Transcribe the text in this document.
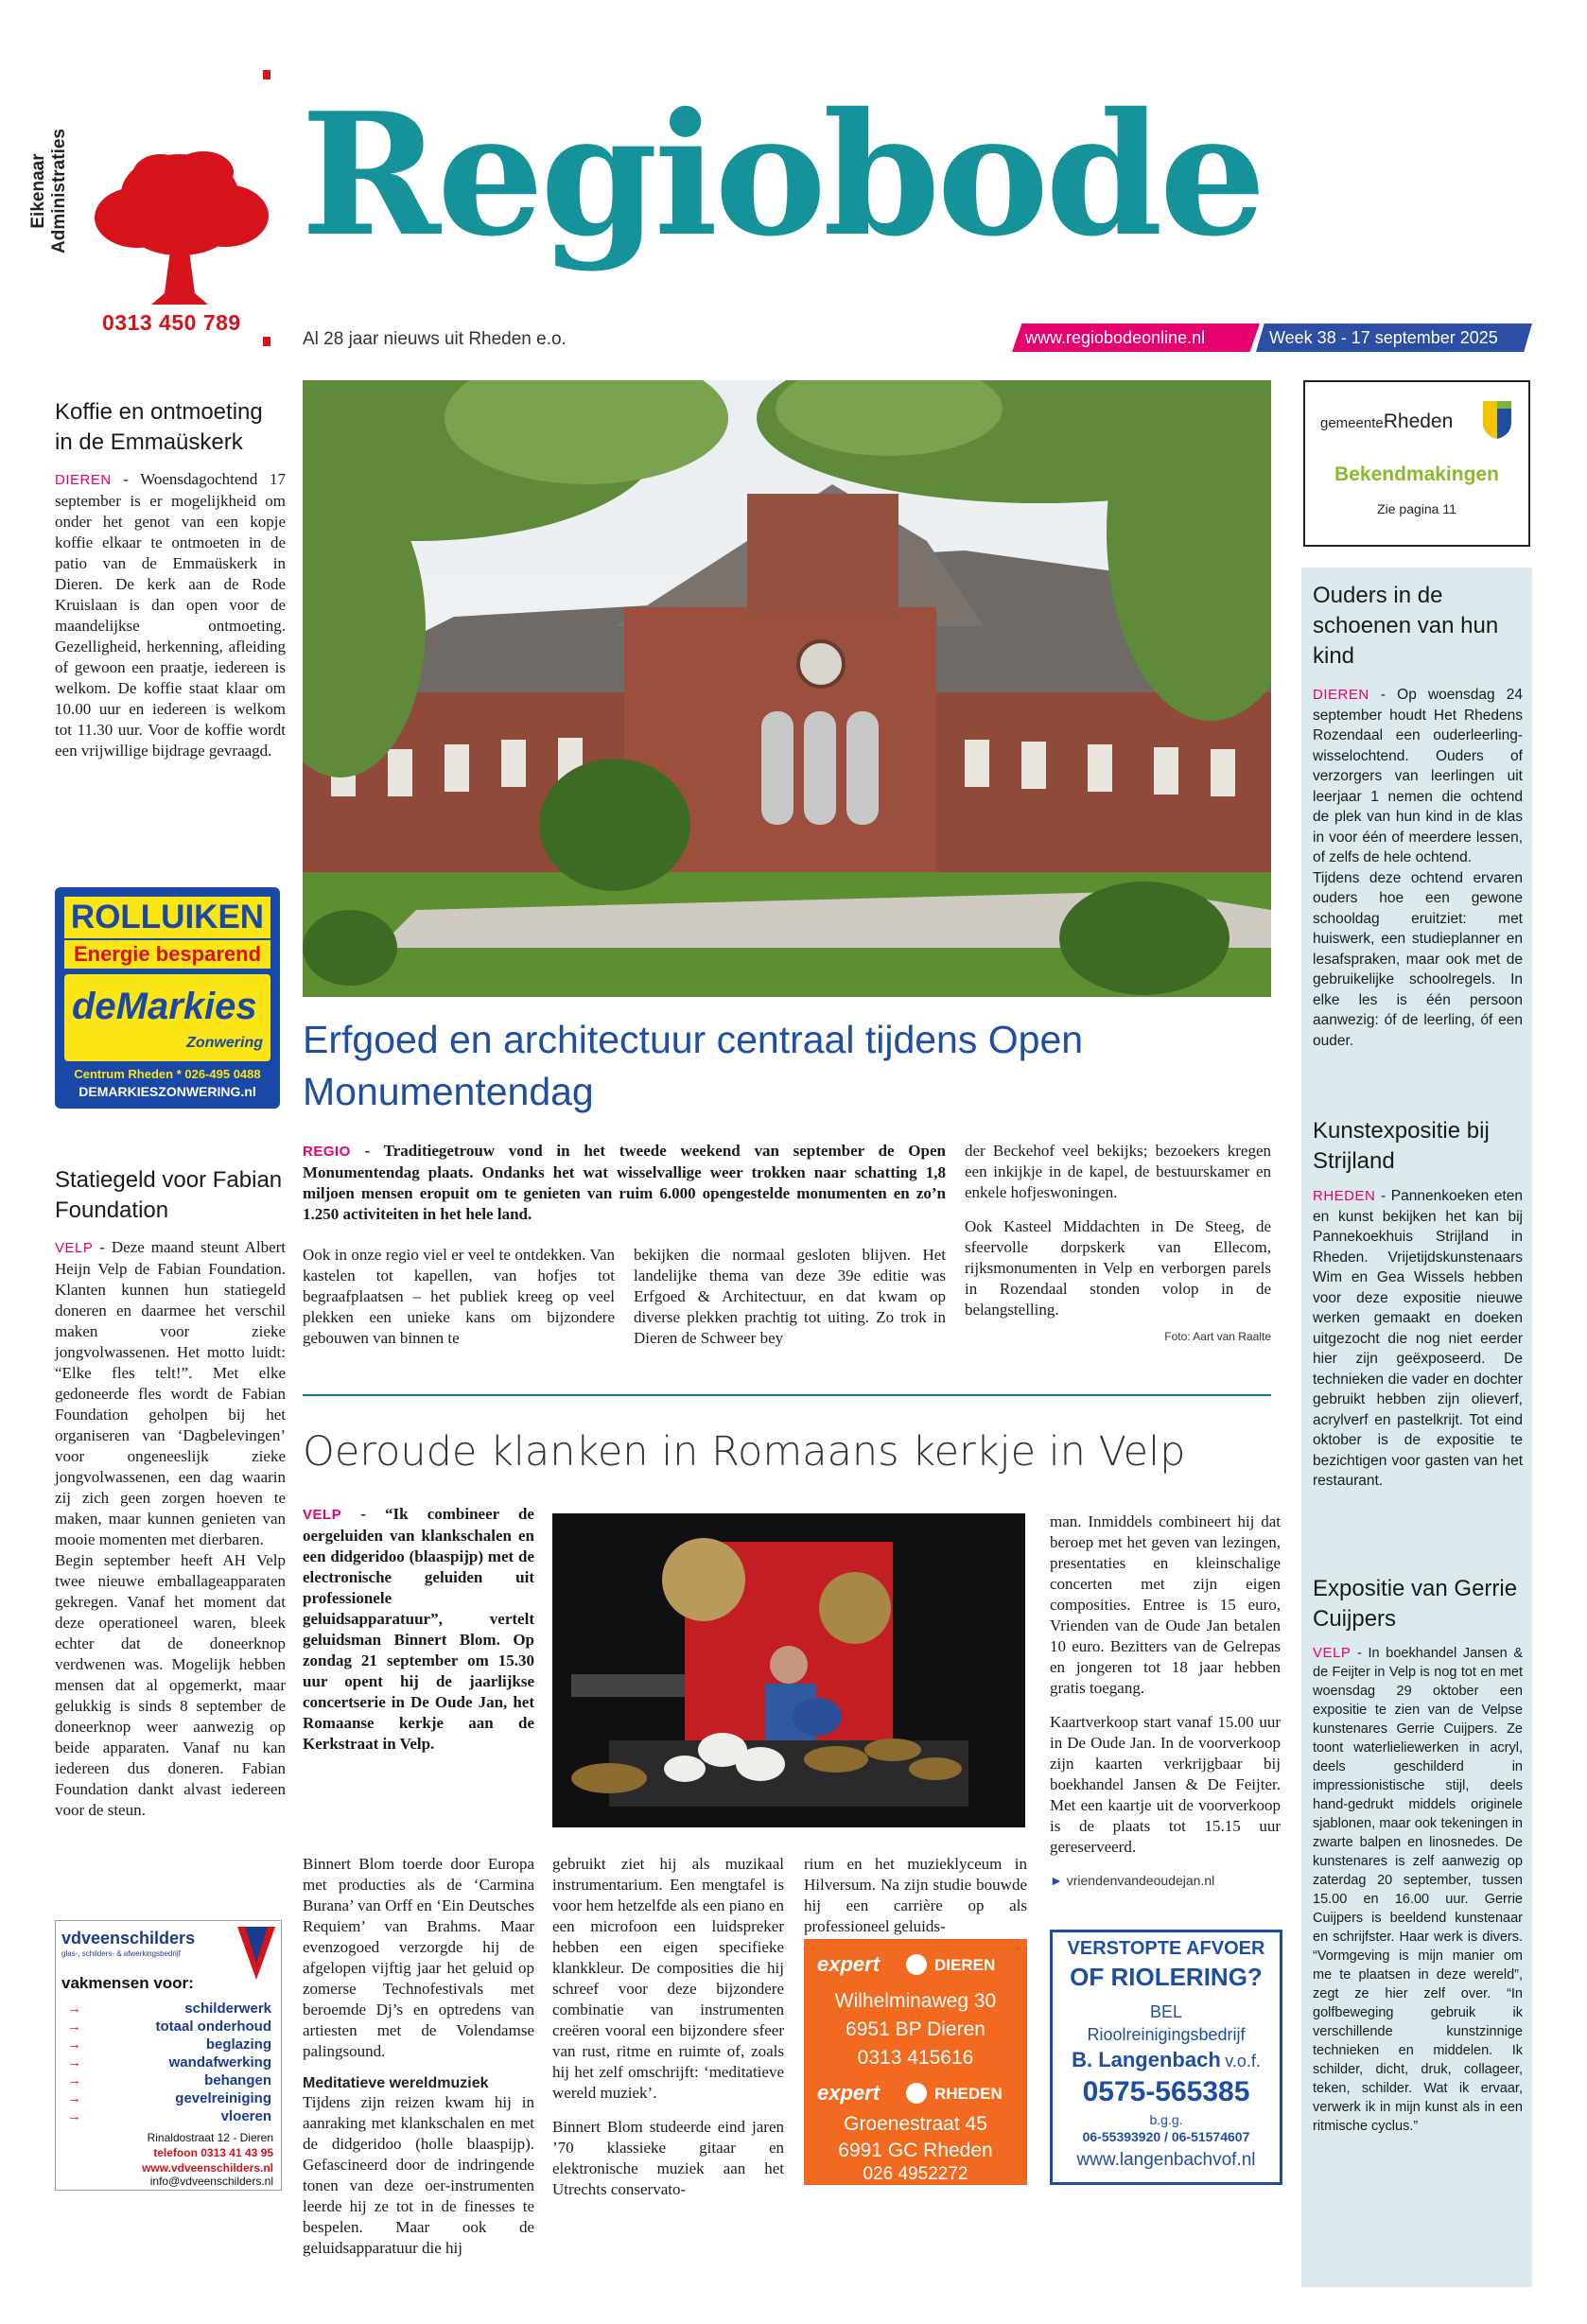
Eikenaar Administraties
0313 450 789
Regiobode
Al 28 jaar nieuws uit Rheden e.o.	www.regiobodeonline.nl	Week 38 - 17 september 2025
Koffie en ontmoeting in de Emmaüskerk
DIEREN - Woensdagochtend 17 september is er mogelijkheid om onder het genot van een kopje koffie elkaar te ontmoeten in de patio van de Emmaüskerk in Dieren. De kerk aan de Rode Kruislaan is dan open voor de maandelijkse ontmoeting. Gezelligheid, herkenning, afleiding of gewoon een praatje, iedereen is welkom. De koffie staat klaar om 10.00 uur en iedereen is welkom tot 11.30 uur. Voor de koffie wordt een vrijwillige bijdrage gevraagd.
ROLLUIKEN
Energie besparend
deMarkies
Zonwering
Centrum Rheden * 026-495 0488
DEMARKIESZONWERING.nl
Statiegeld voor Fabian Foundation
VELP - Deze maand steunt Albert Heijn Velp de Fabian Foundation. Klanten kunnen hun statiegeld doneren en daarmee het verschil maken voor zieke jongvolwassenen. Het motto luidt: “Elke fles telt!”. Met elke gedoneerde fles wordt de Fabian Foundation geholpen bij het organiseren van ‘Dagbelevingen’ voor ongeneeslijk zieke jongvolwassenen, een dag waarin zij zich geen zorgen hoeven te maken, maar kunnen genieten van mooie momenten met dierbaren.
Begin september heeft AH Velp twee nieuwe emballageapparaten gekregen. Vanaf het moment dat deze operationeel waren, bleek echter dat de doneerknop verdwenen was. Mogelijk hebben mensen dat al opgemerkt, maar gelukkig is sinds 8 september de doneerknop weer aanwezig op beide apparaten. Vanaf nu kan iedereen dus doneren. Fabian Foundation dankt alvast iedereen voor de steun.
vdveenschilders
glas-, schilders- & afwerkingsbedrijf
vakmensen voor:
→	schilderwerk
→	totaal onderhoud
→	beglazing
→	wandafwerking
→	behangen
→	gevelreiniging
→	vloeren
Rinaldostraat 12 - Dieren
telefoon 0313 41 43 95
www.vdveenschilders.nl
info@vdveenschilders.nl
Erfgoed en architectuur centraal tijdens Open Monumentendag
REGIO - Traditiegetrouw vond in het tweede weekend van september de Open Monumentendag plaats. Ondanks het wat wisselvallige weer trokken naar schatting 1,8 miljoen mensen eropuit om te genieten van ruim 6.000 opengestelde monumenten en zo’n 1.250 activiteiten in het hele land.
Ook in onze regio viel er veel te ontdekken. Van kastelen tot kapellen, van hofjes tot begraafplaatsen – het publiek kreeg op veel plekken een unieke kans om bijzondere gebouwen van binnen te
bekijken die normaal gesloten blijven. Het landelijke thema van deze 39e editie was Erfgoed & Architectuur, en dat kwam op diverse plekken prachtig tot uiting. Zo trok in Dieren de Schweer bey
der Beckehof veel bekijks; bezoekers kregen een inkijkje in de kapel, de bestuurskamer en enkele hofjeswoningen.
Ook Kasteel Middachten in De Steeg, de sfeervolle dorpskerk van Ellecom, rijksmonumenten in Velp en verborgen parels in Rozendaal stonden volop in de belangstelling.
Foto: Aart van Raalte
Oeroude klanken in Romaans kerkje in Velp
VELP - “Ik combineer de oergeluiden van klankschalen en een didgeridoo (blaaspijp) met de electronische geluiden uit professionele geluidsapparatuur”, vertelt geluidsman Binnert Blom. Op zondag 21 september om 15.30 uur opent hij de jaarlijkse concertserie in De Oude Jan, het Romaanse kerkje aan de Kerkstraat in Velp.
Binnert Blom toerde door Europa met producties als de ‘Carmina Burana’ van Orff en ‘Ein Deutsches Requiem’ van Brahms. Maar evenzogoed verzorgde hij de afgelopen vijftig jaar het geluid op zomerse Technofestivals met beroemde Dj’s en optredens van artiesten met de Volendamse palingsound.
Meditatieve wereldmuziek
Tijdens zijn reizen kwam hij in aanraking met klankschalen en met de didgeridoo (holle blaaspijp). Gefascineerd door de indringende tonen van deze oer-instrumenten leerde hij ze tot in de finesses te bespelen. Maar ook de geluidsapparatuur die hij
gebruikt ziet hij als muzikaal instrumentarium. Een mengtafel is voor hem hetzelfde als een piano en een microfoon een luidspreker hebben een eigen specifieke klankkleur. De composities die hij schreef voor deze bijzondere combinatie van instrumenten creëren vooral een bijzondere sfeer van rust, ritme en ruimte of, zoals hij het zelf omschrijft: ‘meditatieve wereld muziek’.
Binnert Blom studeerde eind jaren ’70 klassieke gitaar en elektronische muziek aan het Utrechts conservato-
rium en het muzieklyceum in Hilversum. Na zijn studie bouwde hij een carrière op als professioneel geluids-
man. Inmiddels combineert hij dat beroep met het geven van lezingen, presentaties en kleinschalige concerten met zijn eigen composities. Entree is 15 euro, Vrienden van de Oude Jan betalen 10 euro. Bezitters van de Gelrepas en jongeren tot 18 jaar hebben gratis toegang.
Kaartverkoop start vanaf 15.00 uur in De Oude Jan. In de voorverkoop zijn kaarten verkrijgbaar bij boekhandel Jansen & De Feijter. Met een kaartje uit de voorverkoop is de plaats tot 15.15 uur gereserveerd.
► vriendenvandeoudejan.nl
expert	DIEREN
Wilhelminaweg 30
6951 BP Dieren
0313 415616
expert	RHEDEN
Groenestraat 45
6991 GC Rheden
026 4952272
VERSTOPTE AFVOER
OF RIOLERING?
BEL
Rioolreinigingsbedrijf
B. Langenbach v.o.f.
0575-565385
b.g.g.
06-55393920 / 06-51574607
www.langenbachvof.nl
gemeenteRheden
Bekendmakingen
Zie pagina 11
Ouders in de schoenen van hun kind
DIEREN - Op woensdag 24 september houdt Het Rhedens Rozendaal een ouderleerling-wisselochtend. Ouders of verzorgers van leerlingen uit leerjaar 1 nemen die ochtend de plek van hun kind in de klas in voor één of meerdere lessen, of zelfs de hele ochtend.
Tijdens deze ochtend ervaren ouders hoe een gewone schooldag eruitziet: met huiswerk, een studieplanner en lesafspraken, maar ook met de gebruikelijke schoolregels. In elke les is één persoon aanwezig: óf de leerling, óf een ouder.
Kunstexpositie bij Strijland
RHEDEN - Pannenkoeken eten en kunst bekijken het kan bij Pannekoekhuis Strijland in Rheden. Vrijetijdskunstenaars Wim en Gea Wissels hebben voor deze expositie nieuwe werken gemaakt en doeken uitgezocht die nog niet eerder hier zijn geëxposeerd. De technieken die vader en dochter gebruikt hebben zijn olieverf, acrylverf en pastelkrijt. Tot eind oktober is de expositie te bezichtigen voor gasten van het restaurant.
Expositie van Gerrie Cuijpers
VELP - In boekhandel Jansen & de Feijter in Velp is nog tot en met woensdag 29 oktober een expositie te zien van de Velpse kunstenares Gerrie Cuijpers. Ze toont waterlieliewerken in acryl, deels geschilderd in impressionistische stijl, deels hand-gedrukt middels originele sjablonen, maar ook tekeningen in zwarte balpen en linosnedes. De kunstenares is zelf aanwezig op zaterdag 20 september, tussen 15.00 en 16.00 uur. Gerrie Cuijpers is beeldend kunstenaar en schrijfster. Haar werk is divers. “Vormgeving is mijn manier om me te plaatsen in deze wereld”, zegt ze hier zelf over. “In golfbeweging gebruik ik verschillende kunstzinnige technieken en middelen. Ik schilder, dicht, druk, collageer, teken, schilder. Wat ik ervaar, verwerk ik in mijn kunst als in een ritmische cyclus.”
